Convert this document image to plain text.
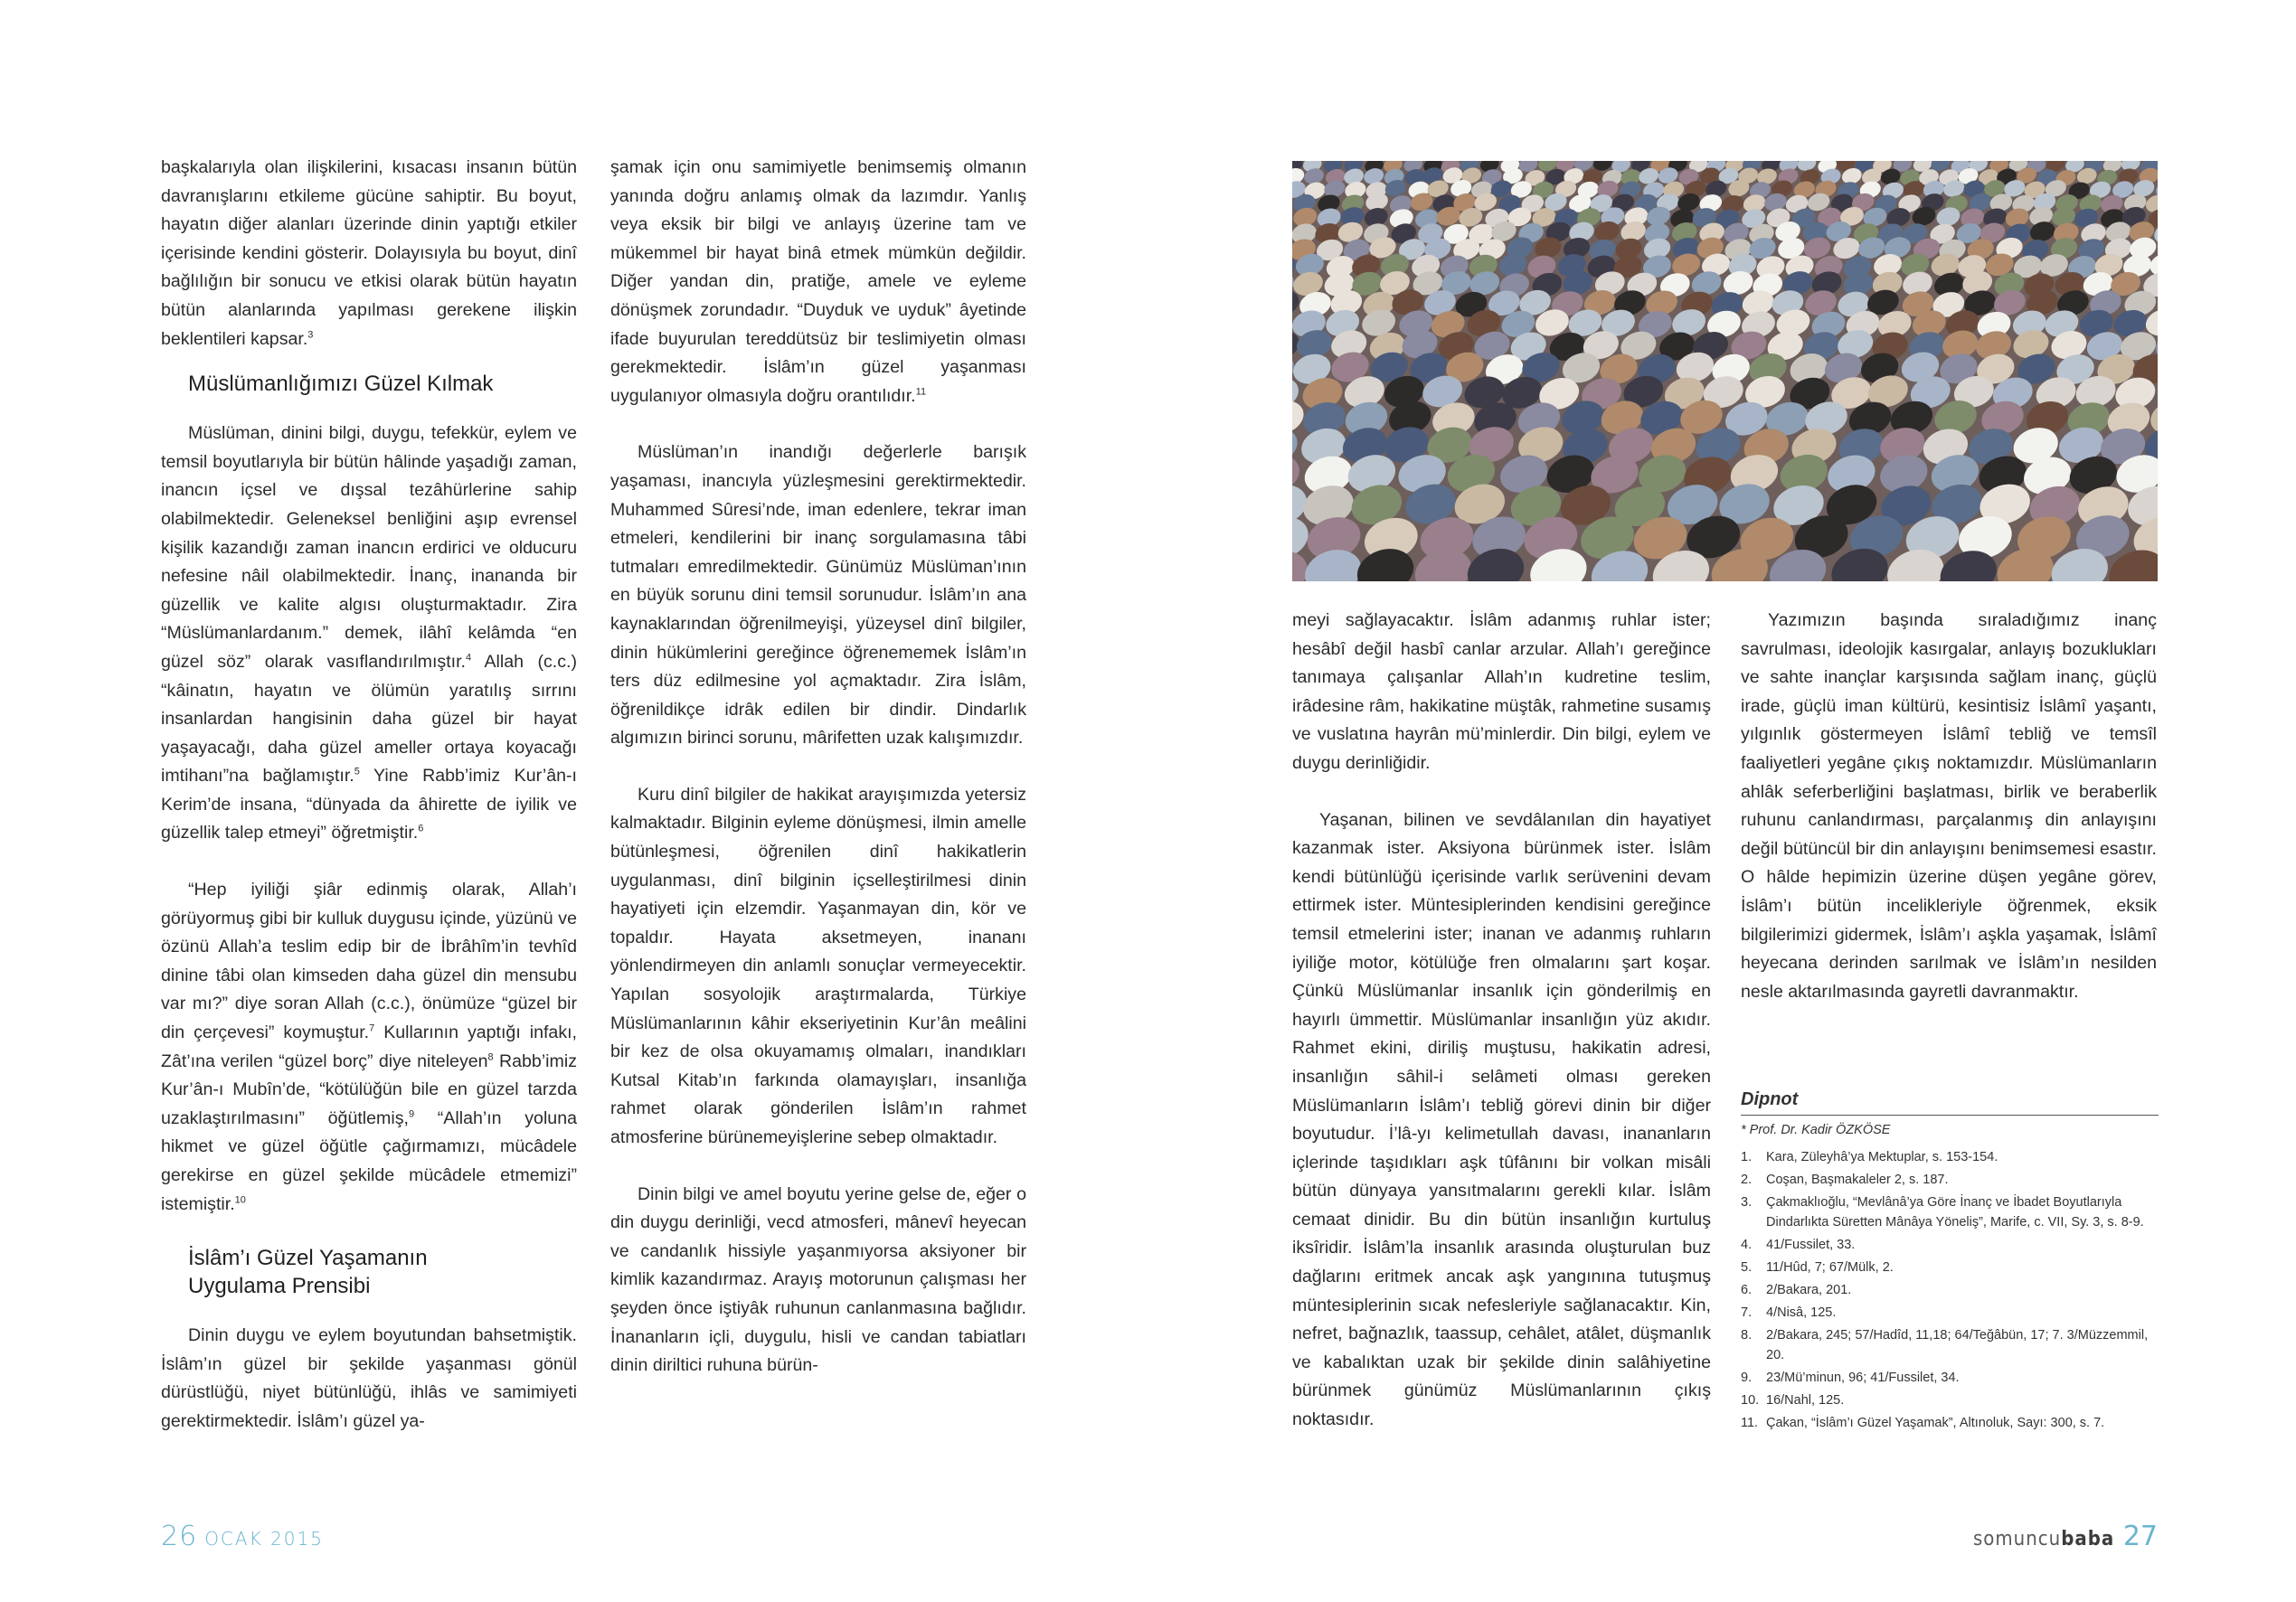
başkalarıyla olan ilişkilerini, kısacası insanın bütün davranışlarını etkileme gücüne sahiptir. Bu boyut, hayatın diğer alanları üzerinde dinin yaptığı etkiler içerisinde kendini gösterir. Dolayısıyla bu boyut, dinî bağlılığın bir sonucu ve etkisi olarak bütün hayatın bütün alanlarında yapılması gerekene ilişkin beklentileri kapsar.$^3$

Müslümanlığımızı Güzel Kılmak

Müslüman, dinini bilgi, duygu, tefekkür, eylem ve temsil boyutlarıyla bir bütün hâlinde yaşadığı zaman, inancın içsel ve dışsal tezâhürlerine sahip olabilmektedir. Geleneksel benliğini aşıp evrensel kişilik kazandığı zaman inancın erdirici ve olducuru nefesine nâil olabilmektedir. İnanç, inananda bir güzellik ve kalite algısı oluşturmaktadır. Zira “Müslümanlardanım.” demek, ilâhî kelâmda “en güzel söz” olarak vasıflandırılmıştır.$^4$ Allah (c.c.) “kâinatın, hayatın ve ölümün yaratılış sırrını insanlardan hangisinin daha güzel bir hayat yaşayacağı, daha güzel ameller ortaya koyacağı imtihanı”na bağlamıştır.$^5$ Yine Rabb’imiz Kur’ân-ı Kerim’de insana, “dünyada da âhirette de iyilik ve güzellik talep etmeyi” öğretmiştir.$^6$

“Hep iyiliği şiâr edinmiş olarak, Allah’ı görüyormuş gibi bir kulluk duygusu içinde, yüzünü ve özünü Allah’a teslim edip bir de İbrâhîm’in tevhîd dinine tâbi olan kimseden daha güzel din mensubu var mı?” diye soran Allah (c.c.), önümüze “güzel bir din çerçevesi” koymuştur.$^7$ Kullarının yaptığı infakı, Zât’ına verilen “güzel borç” diye niteleyen$^8$ Rabb’imiz Kur’ân-ı Mubîn’de, “kötülüğün bile en güzel tarzda uzaklaştırılmasını” öğütlemiş,$^9$ “Allah’ın yoluna hikmet ve güzel öğütle çağırmamızı, mücâdele gerekirse en güzel şekilde mücâdele etmemizi” istemiştir.$^{10}$

İslâm’ı Güzel Yaşamanın
Uygulama Prensibi

Dinin duygu ve eylem boyutundan bahsetmiştik. İslâm’ın güzel bir şekilde yaşanması gönül dürüstlüğü, niyet bütünlüğü, ihlâs ve samimiyeti gerektirmektedir. İslâm’ı güzel ya-

şamak için onu samimiyetle benimsemiş olmanın yanında doğru anlamış olmak da lazımdır. Yanlış veya eksik bir bilgi ve anlayış üzerine tam ve mükemmel bir hayat binâ etmek mümkün değildir. Diğer yandan din, pratiğe, amele ve eyleme dönüşmek zorundadır. “Duyduk ve uyduk” âyetinde ifade buyurulan tereddütsüz bir teslimiyetin olması gerekmektedir. İslâm’ın güzel yaşanması uygulanıyor olmasıyla doğru orantılıdır.$^{11}$

Müslüman’ın inandığı değerlerle barışık yaşaması, inancıyla yüzleşmesini gerektirmektedir. Muhammed Sûresi’nde, iman edenlere, tekrar iman etmeleri, kendilerini bir inanç sorgulamasına tâbi tutmaları emredilmektedir. Günümüz Müslüman’ının en büyük sorunu dini temsil sorunudur. İslâm’ın ana kaynaklarından öğrenilmeyişi, yüzeysel dinî bilgiler, dinin hükümlerini gereğince öğrenememek İslâm’ın ters düz edilmesine yol açmaktadır. Zira İslâm, öğrenildikçe idrâk edilen bir dindir. Dindarlık algımızın birinci sorunu, mârifetten uzak kalışımızdır.

Kuru dinî bilgiler de hakikat arayışımızda yetersiz kalmaktadır. Bilginin eyleme dönüşmesi, ilmin amelle bütünleşmesi, öğrenilen dinî hakikatlerin uygulanması, dinî bilginin içselleştirilmesi dinin hayatiyeti için elzemdir. Yaşanmayan din, kör ve topaldır. Hayata aksetmeyen, inananı yönlendirmeyen din anlamlı sonuçlar vermeyecektir. Yapılan sosyolojik araştırmalarda, Türkiye Müslümanlarının kâhir ekseriyetinin Kur’ân meâlini bir kez de olsa okuyamamış olmaları, inandıkları Kutsal Kitab’ın farkında olamayışları, insanlığa rahmet olarak gönderilen İslâm’ın rahmet atmosferine bürünemeyişlerine sebep olmaktadır.

Dinin bilgi ve amel boyutu yerine gelse de, eğer o din duygu derinliği, vecd atmosferi, mânevî heyecan ve candanlık hissiyle yaşanmıyorsa aksiyoner bir kimlik kazandırmaz. Arayış motorunun çalışması her şeyden önce iştiyâk ruhunun canlanmasına bağlıdır. İnananların içli, duygulu, hisli ve candan tabiatları dinin diriltici ruhuna bürün-

26 OCAK 2015

meyi sağlayacaktır. İslâm adanmış ruhlar ister; hesâbî değil hasbî canlar arzular. Allah’ı gereğince tanımaya çalışanlar Allah’ın kudretine teslim, irâdesine râm, hakikatine müştâk, rahmetine susamış ve vuslatına hayrân mü’minlerdir. Din bilgi, eylem ve duygu derinliğidir.

Yaşanan, bilinen ve sevdâlanılan din hayatiyet kazanmak ister. Aksiyona bürünmek ister. İslâm kendi bütünlüğü içerisinde varlık serüvenini devam ettirmek ister. Müntesiplerinden kendisini gereğince temsil etmelerini ister; inanan ve adanmış ruhların iyiliğe motor, kötülüğe fren olmalarını şart koşar. Çünkü Müslümanlar insanlık için gönderilmiş en hayırlı ümmettir. Müslümanlar insanlığın yüz akıdır. Rahmet ekini, diriliş muştusu, hakikatin adresi, insanlığın sâhil-i selâmeti olması gereken Müslümanların İslâm’ı tebliğ görevi dinin bir diğer boyutudur. İ’lâ-yı kelimetullah davası, inananların içlerinde taşıdıkları aşk tûfânını bir volkan misâli bütün dünyaya yansıtmalarını gerekli kılar. İslâm cemaat dinidir. Bu din bütün insanlığın kurtuluş iksîridir. İslâm’la insanlık arasında oluşturulan buz dağlarını eritmek ancak aşk yangınına tutuşmuş müntesiplerinin sıcak nefesleriyle sağlanacaktır. Kin, nefret, bağnazlık, taassup, cehâlet, atâlet, düşmanlık ve kabalıktan uzak bir şekilde dinin salâhiyetine bürünmek günümüz Müslümanlarının çıkış noktasıdır.

Yazımızın başında sıraladığımız inanç savrulması, ideolojik kasırgalar, anlayış bozuklukları ve sahte inançlar karşısında sağlam inanç, güçlü irade, güçlü iman kültürü, kesintisiz İslâmî yaşantı, yılgınlık göstermeyen İslâmî tebliğ ve temsîl faaliyetleri yegâne çıkış noktamızdır. Müslümanların ahlâk seferberliğini başlatması, birlik ve beraberlik ruhunu canlandırması, parçalanmış din anlayışını değil bütüncül bir din anlayışını benimsemesi esastır. O hâlde hepimizin üzerine düşen yegâne görev, İslâm’ı bütün incelikleriyle öğrenmek, eksik bilgilerimizi gidermek, İslâm’ı aşkla yaşamak, İslâmî heyecana derinden sarılmak ve İslâm’ın nesilden nesle aktarılmasında gayretli davranmaktır.

Dipnot
* Prof. Dr. Kadir ÖZKÖSE
1. Kara, Züleyhâ’ya Mektuplar, s. 153-154.
2. Coşan, Başmakaleler 2, s. 187.
3. Çakmaklıoğlu, “Mevlânâ’ya Göre İnanç ve İbadet Boyutlarıyla Dindarlıkta Süretten Mânâya Yöneliş”, Marife, c. VII, Sy. 3, s. 8-9.
4. 41/Fussilet, 33.
5. 11/Hûd, 7; 67/Mülk, 2.
6. 2/Bakara, 201.
7. 4/Nisâ, 125.
8. 2/Bakara, 245; 57/Hadîd, 11,18; 64/Teğâbün, 17; 7. 3/Müzzemmil, 20.
9. 23/Mü’minun, 96; 41/Fussilet, 34.
10. 16/Nahl, 125.
11. Çakan, “İslâm’ı Güzel Yaşamak”, Altınoluk, Sayı: 300, s. 7.
somuncubaba 27
